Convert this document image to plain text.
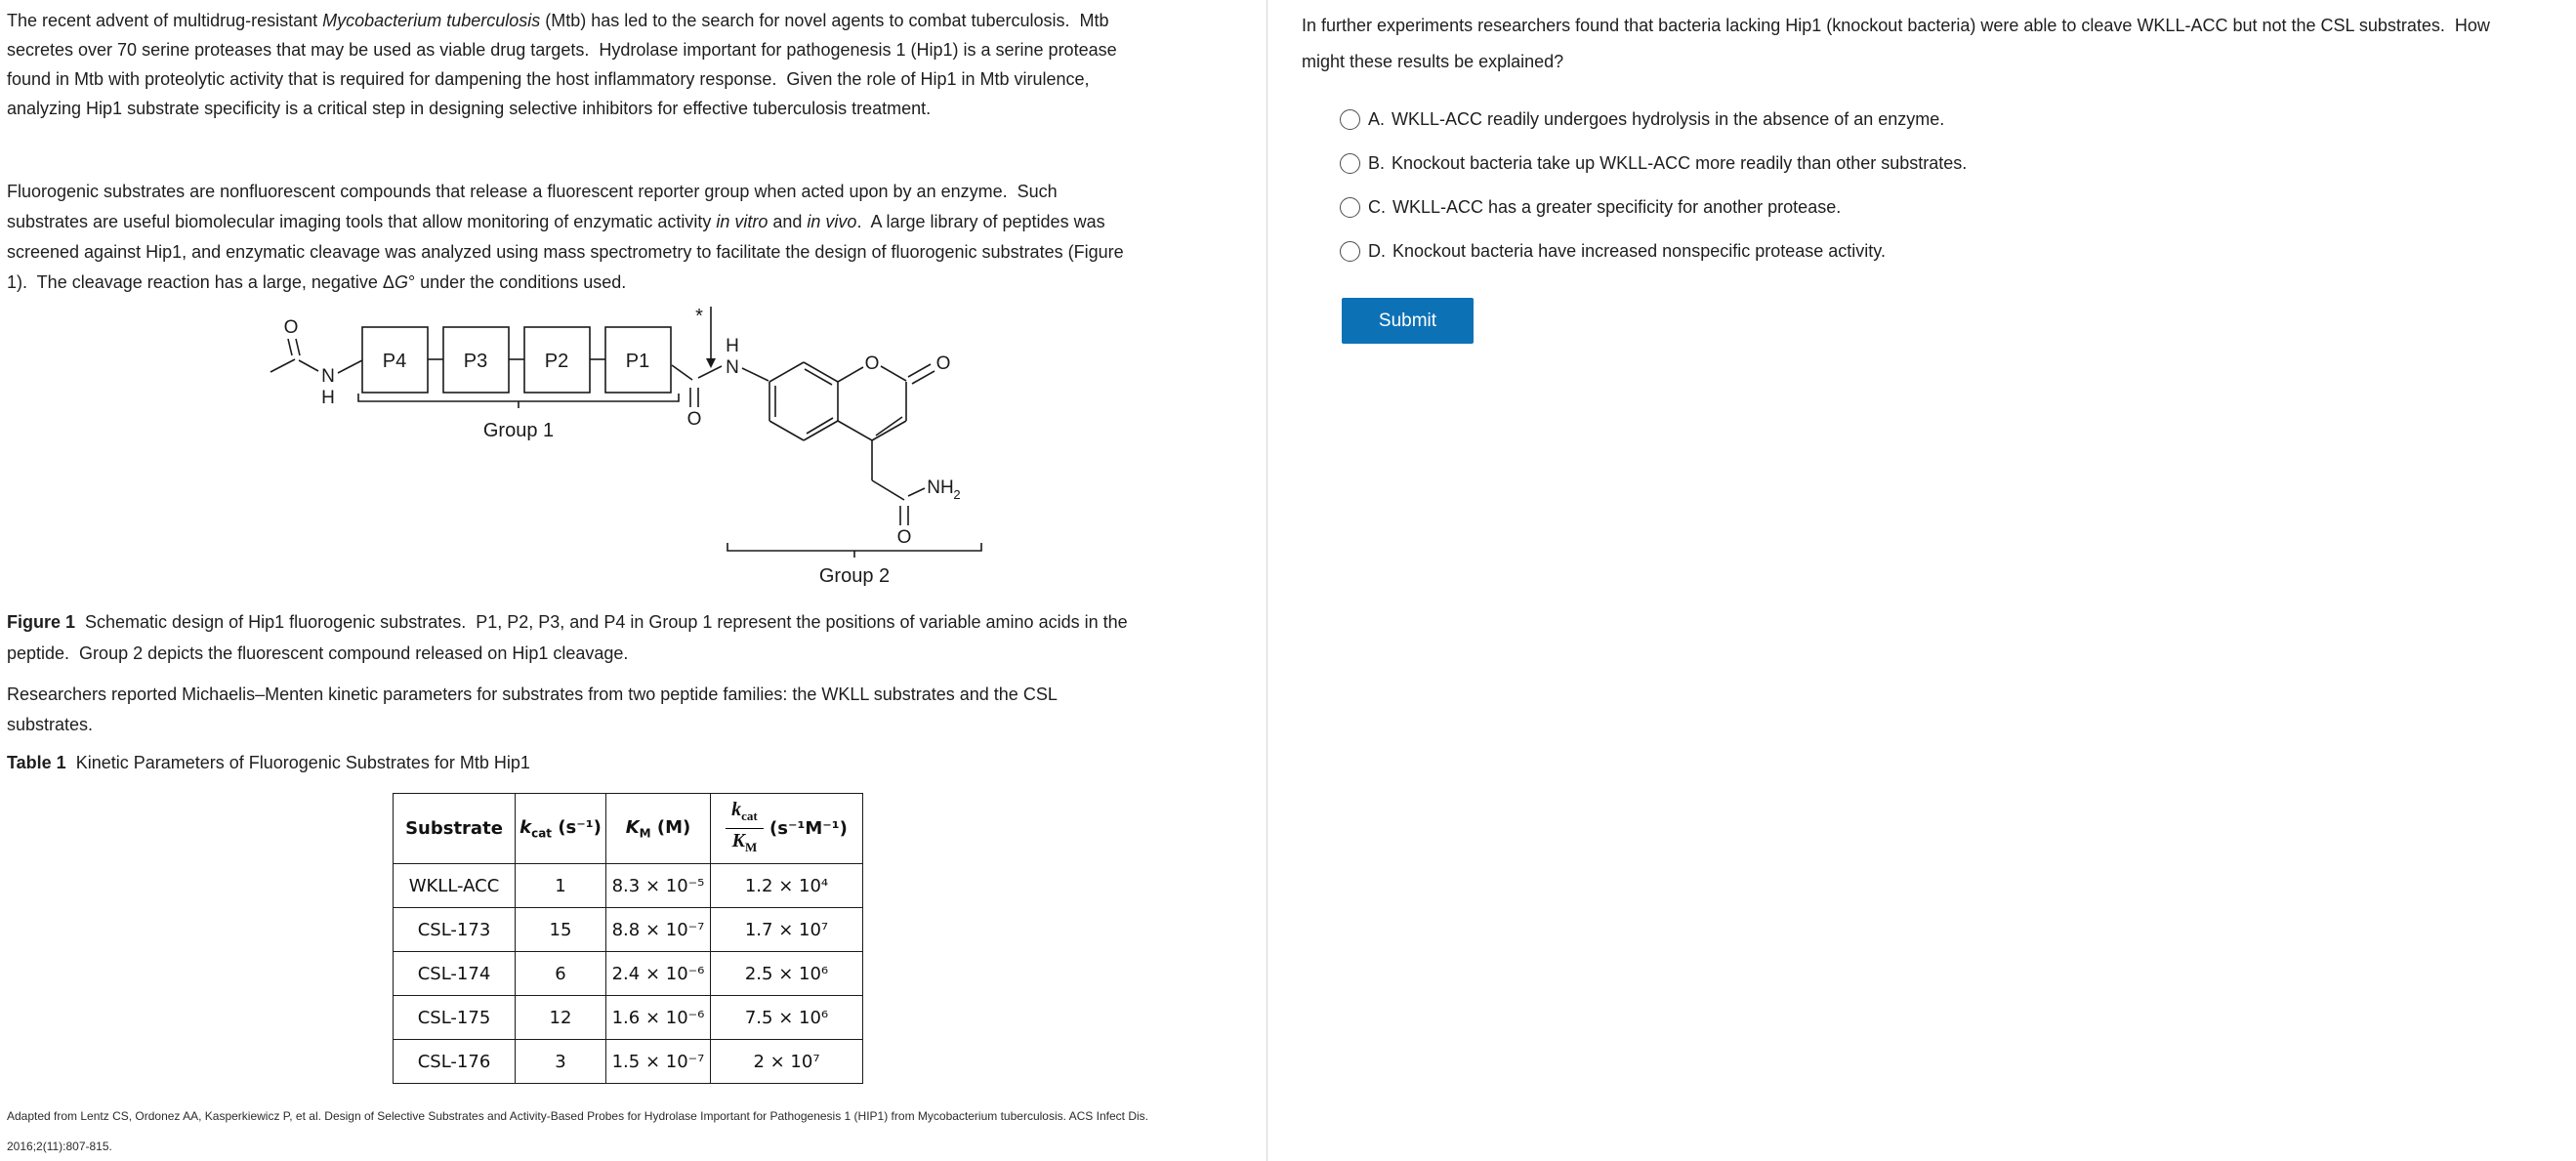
The recent advent of multidrug-resistant Mycobacterium tuberculosis (Mtb) has led to the search for novel agents to combat tuberculosis.  Mtb secretes over 70 serine proteases that may be used as viable drug targets.  Hydrolase important for pathogenesis 1 (Hip1) is a serine protease found in Mtb with proteolytic activity that is required for dampening the host inflammatory response.  Given the role of Hip1 in Mtb virulence, analyzing Hip1 substrate specificity is a critical step in designing selective inhibitors for effective tuberculosis treatment.
Fluorogenic substrates are nonfluorescent compounds that release a fluorescent reporter group when acted upon by an enzyme.  Such substrates are useful biomolecular imaging tools that allow monitoring of enzymatic activity in vitro and in vivo.  A large library of peptides was screened against Hip1, and enzymatic cleavage was analyzed using mass spectrometry to facilitate the design of fluorogenic substrates (Figure 1).  The cleavage reaction has a large, negative ΔG° under the conditions used.
O
N
H
P4	P3	P2	P1
Group 1
O
N
H
*
O	O
O
NH 2
Group 2
Figure 1  Schematic design of Hip1 fluorogenic substrates.  P1, P2, P3, and P4 in Group 1 represent the positions of variable amino acids in the peptide.  Group 2 depicts the fluorescent compound released on Hip1 cleavage.
Researchers reported Michaelis–Menten kinetic parameters for substrates from two peptide families: the WKLL substrates and the CSL substrates.
Table 1  Kinetic Parameters of Fluorogenic Substrates for Mtb Hip1
Substrate	$k_{cat}$ (s⁻¹)	$K_M$ (M)	$\frac{k_{cat}}{K_M} (s^{-1}M^{-1})$
WKLL-ACC	1	8.3 × 10⁻⁵	1.2 × 10⁴
CSL-173	15	8.8 × 10⁻⁷	1.7 × 10⁷
CSL-174	6	2.4 × 10⁻⁶	2.5 × 10⁶
CSL-175	12	1.6 × 10⁻⁶	7.5 × 10⁶
CSL-176	3	1.5 × 10⁻⁷	2 × 10⁷
Adapted from Lentz CS, Ordonez AA, Kasperkiewicz P, et al. Design of Selective Substrates and Activity-Based Probes for Hydrolase Important for Pathogenesis 1 (HIP1) from Mycobacterium tuberculosis. ACS Infect Dis.
2016;2(11):807-815.
In further experiments researchers found that bacteria lacking Hip1 (knockout bacteria) were able to cleave WKLL-ACC but not the CSL substrates.  How might these results be explained?
A. WKLL-ACC readily undergoes hydrolysis in the absence of an enzyme.
B. Knockout bacteria take up WKLL-ACC more readily than other substrates.
C. WKLL-ACC has a greater specificity for another protease.
D. Knockout bacteria have increased nonspecific protease activity.
Submit
